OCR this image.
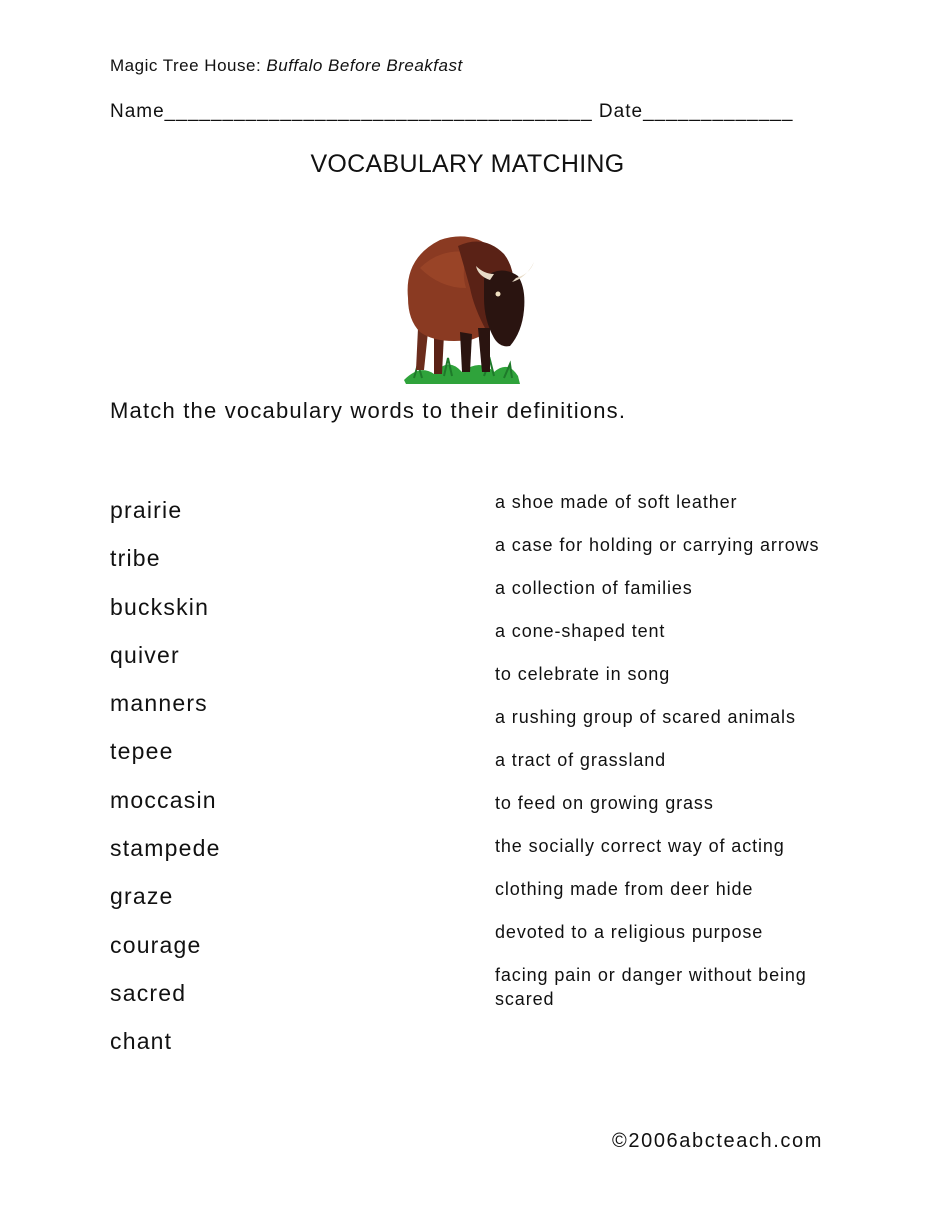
Magic Tree House: Buffalo Before Breakfast
Name_____________________________________ Date_____________
VOCABULARY MATCHING
Match the vocabulary words to their definitions.
prairie
tribe
buckskin
quiver
manners
tepee
moccasin
stampede
graze
courage
sacred
chant
a shoe made of soft leather
a case for holding or carrying arrows
a collection of families
a cone-shaped tent
to celebrate in song
a rushing group of scared animals
a tract of grassland
to feed on growing grass
the socially correct way of acting
clothing made from deer hide
devoted to a religious purpose
facing pain or danger without being scared
©2006abcteach.com
